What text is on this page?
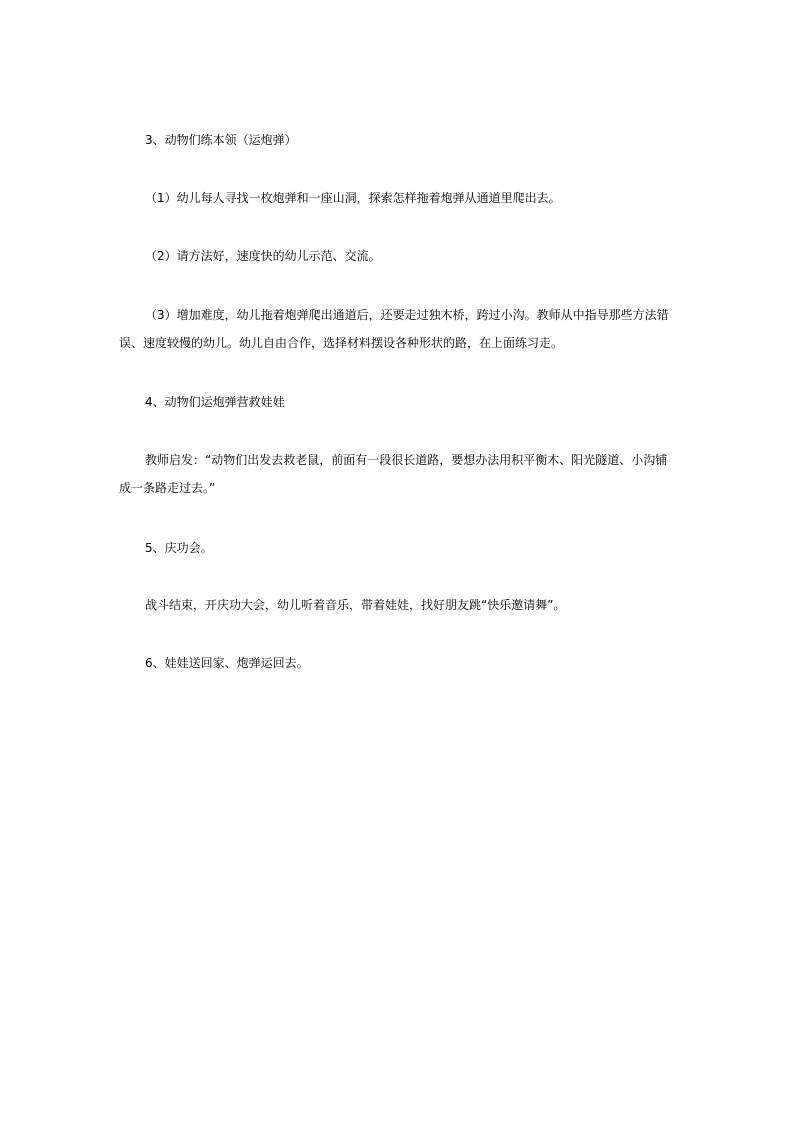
3、动物们练本领（运炮弹）
（1）幼儿每人寻找一枚炮弹和一座山洞，探索怎样拖着炮弹从通道里爬出去。
（2）请方法好，速度快的幼儿示范、交流。
（3）增加难度，幼儿拖着炮弹爬出通道后，还要走过独木桥，跨过小沟。教师从中指导那些方法错误、速度较慢的幼儿。幼儿自由合作，选择材料摆设各种形状的路，在上面练习走。
4、动物们运炮弹营救娃娃
教师启发：“动物们出发去救老鼠，前面有一段很长道路，要想办法用积平衡木、阳光隧道、小沟铺成一条路走过去。”
5、庆功会。
战斗结束，开庆功大会，幼儿听着音乐，带着娃娃，找好朋友跳“快乐邀请舞”。
6、娃娃送回家、炮弹运回去。
